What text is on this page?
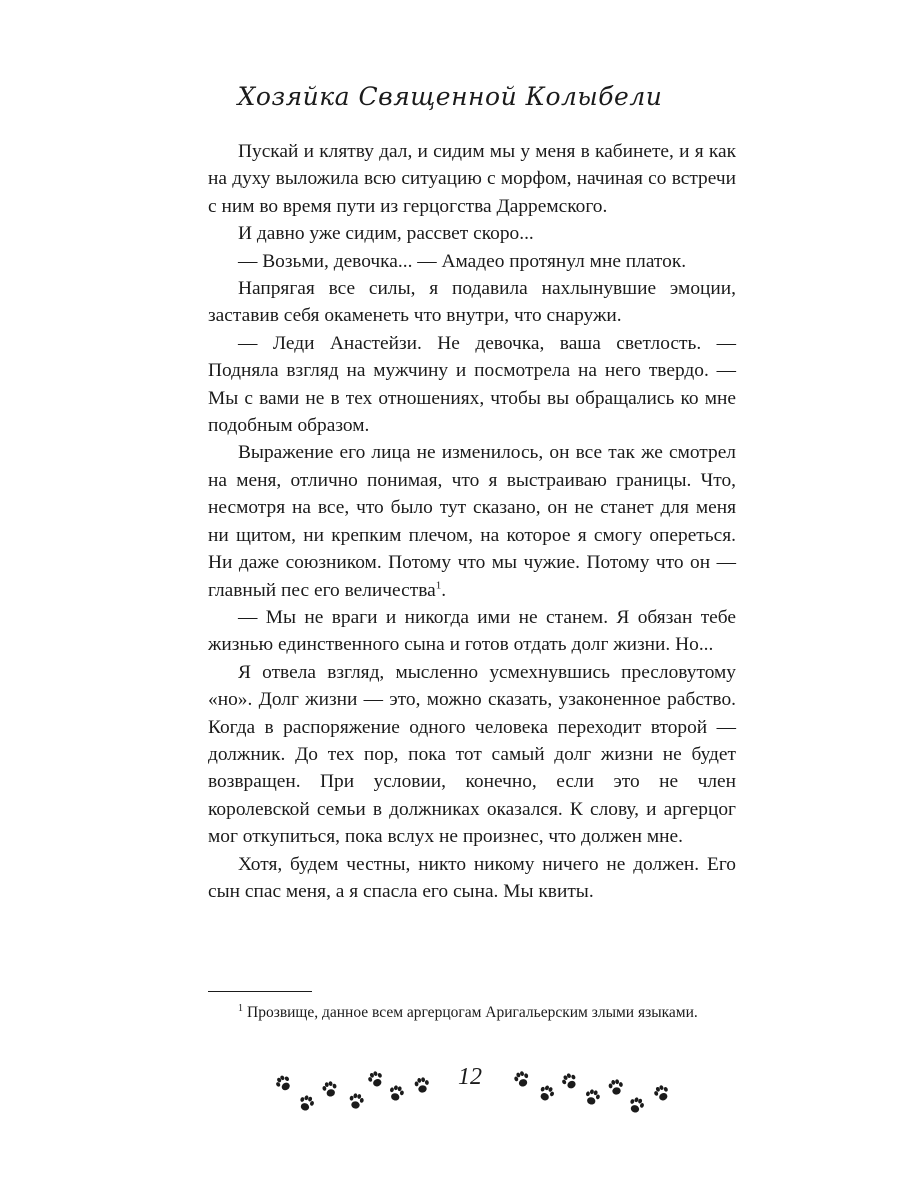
Хозяйка Священной Колыбели

Пускай и клятву дал, и сидим мы у меня в кабинете, и я как на духу выложила всю ситуацию с морфом, начиная со встречи с ним во время пути из герцогства Дарремского.

И давно уже сидим, рассвет скоро...

— Возьми, девочка... — Амадео протянул мне платок.

Напрягая все силы, я подавила нахлынувшие эмоции, заставив себя окаменеть что внутри, что снаружи.

— Леди Анастейзи. Не девочка, ваша светлость. — Подняла взгляд на мужчину и посмотрела на него твердо. — Мы с вами не в тех отношениях, чтобы вы обращались ко мне подобным образом.

Выражение его лица не изменилось, он все так же смотрел на меня, отлично понимая, что я выстраиваю границы. Что, несмотря на все, что было тут сказано, он не станет для меня ни щитом, ни крепким плечом, на которое я смогу опереться. Ни даже союзником. Потому что мы чужие. Потому что он — главный пес его величества$^1$.

— Мы не враги и никогда ими не станем. Я обязан тебе жизнью единственного сына и готов отдать долг жизни. Но...

Я отвела взгляд, мысленно усмехнувшись пресловутому «но». Долг жизни — это, можно сказать, узаконенное рабство. Когда в распоряжение одного человека переходит второй — должник. До тех пор, пока тот самый долг жизни не будет возвращен. При условии, конечно, если это не член королевской семьи в должниках оказался. К слову, и аргерцог мог откупиться, пока вслух не произнес, что должен мне.

Хотя, будем честны, никто никому ничего не должен. Его сын спас меня, а я спасла его сына. Мы квиты.

$^1$ Прозвище, данное всем аргерцогам Аригальерским злыми языками.

12
